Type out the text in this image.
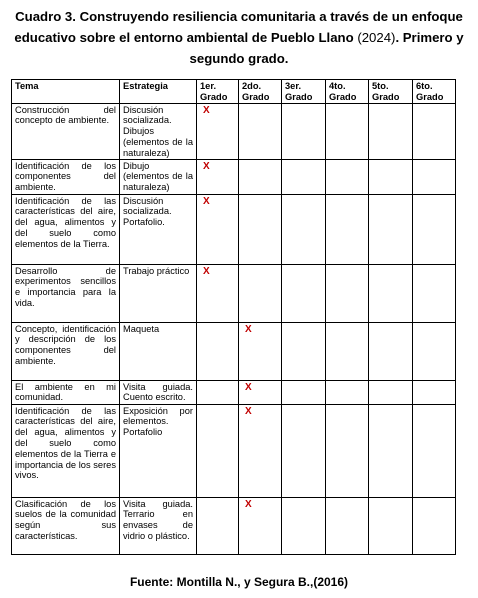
Cuadro 3. Construyendo resiliencia comunitaria a través de un enfoque
educativo sobre el entorno ambiental de Pueblo Llano (2024). Primero y
segundo grado.
Tema	Estrategia	1er. Grado	2do. Grado	3er. Grado	4to. Grado	5to. Grado	6to. Grado
Construcción del concepto de ambiente.	Discusión socializada. Dibujos (elementos de la naturaleza)	X					
Identificación de los componentes del ambiente.	Dibujo (elementos de la naturaleza)	X					
Identificación de las características del aire, del agua, alimentos y del suelo como elementos de la Tierra.	Discusión socializada. Portafolio.	X					
Desarrollo de experimentos sencillos e importancia para la vida.	Trabajo práctico	X					
Concepto, identificación y descripción de los componentes del ambiente.	Maqueta		X				
El ambiente en mi comunidad.	Visita guiada. Cuento escrito.		X				
Identificación de las características del aire, del agua, alimentos y del suelo como elementos de la Tierra e importancia de los seres vivos.	Exposición por elementos. Portafolio		X				
Clasificación de los suelos de la comunidad según sus características.	Visita guiada. Terrario en envases de vidrio o plástico.		X				
Fuente: Montilla N., y Segura B.,(2016)
